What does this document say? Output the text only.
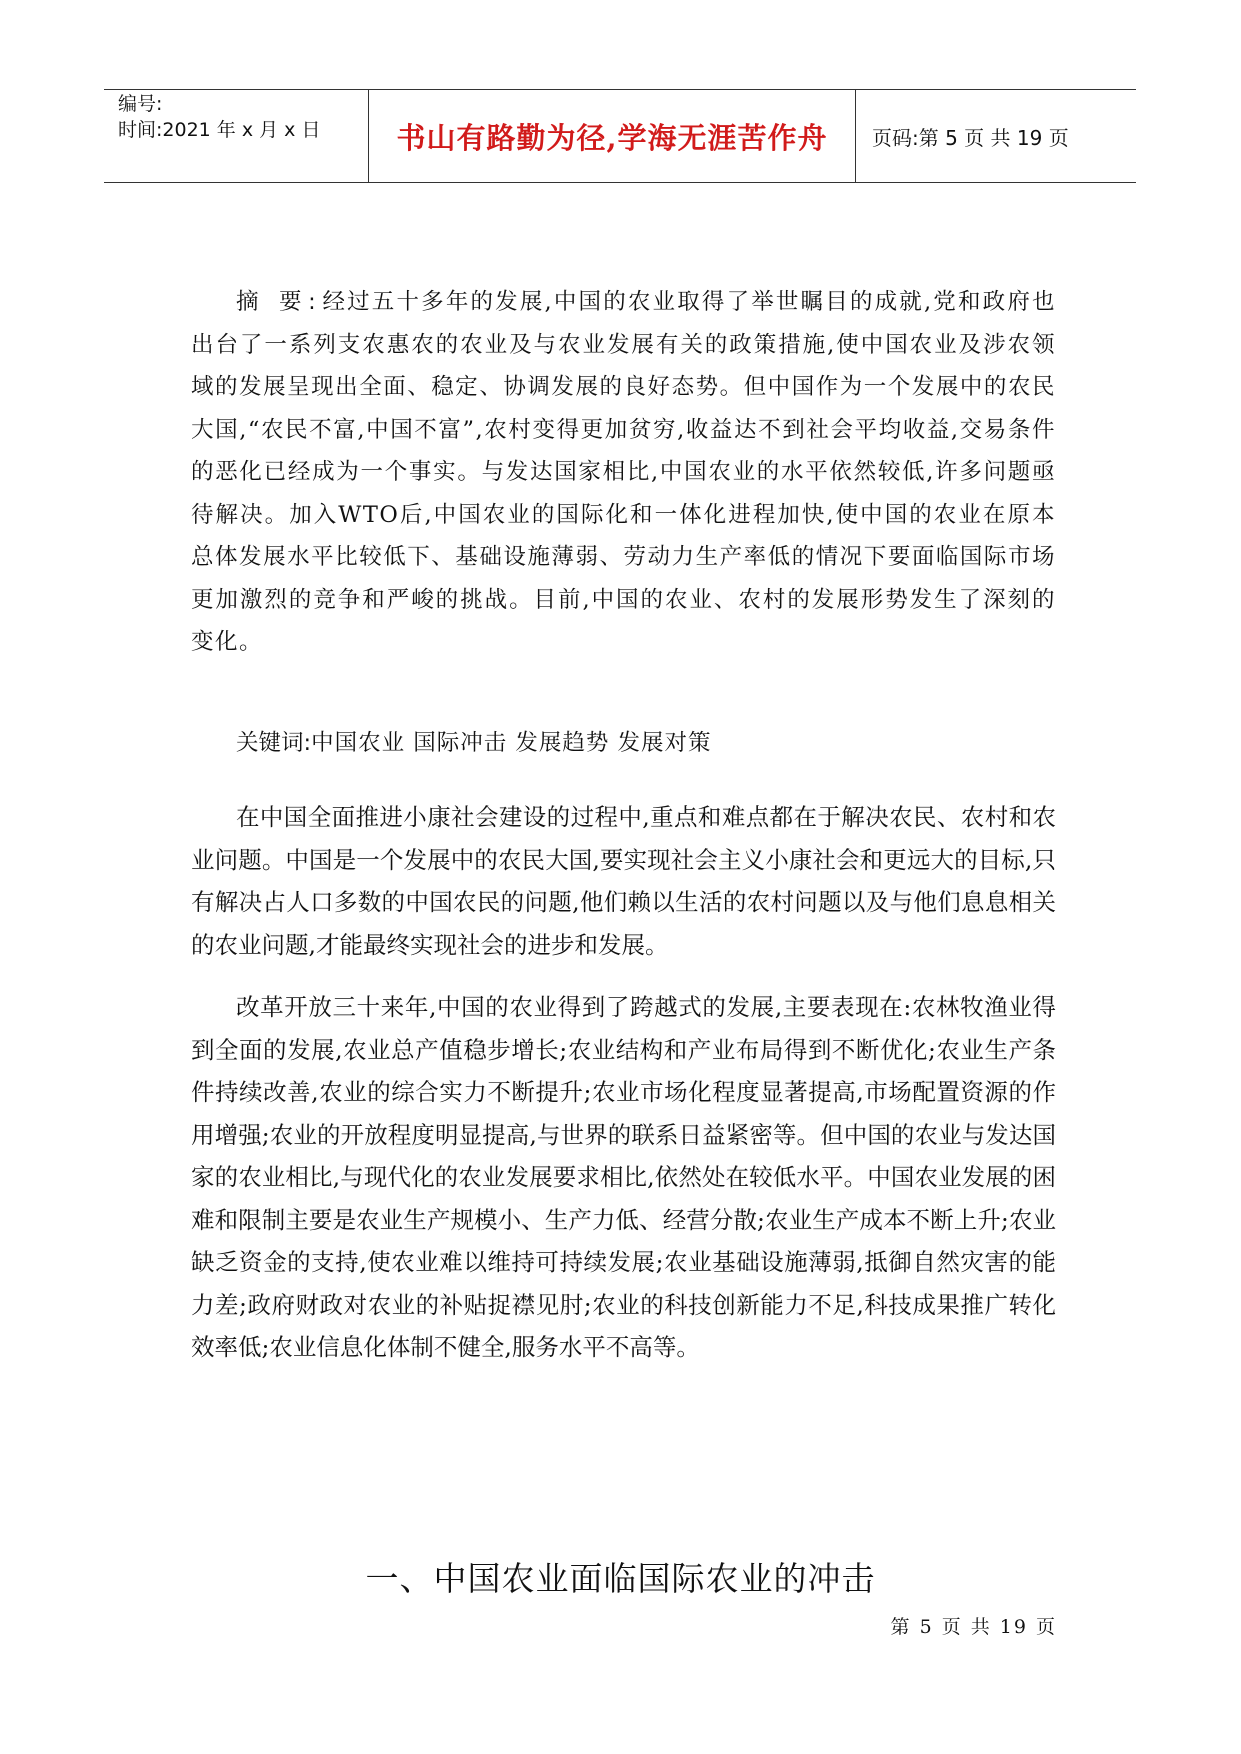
编号:
时间:2021 年 x 月 x 日	书山有路勤为径,学海无涯苦作舟 页码:第 5 页 共 19 页

摘 要:经过五十多年的发展,中国的农业取得了举世瞩目的成就,党和政府也出台了一系列支农惠农的农业及与农业发展有关的政策措施,使中国农业及涉农领域的发展呈现出全面、稳定、协调发展的良好态势。但中国作为一个发展中的农民大国,“农民不富,中国不富”,农村变得更加贫穷,收益达不到社会平均收益,交易条件的恶化已经成为一个事实。与发达国家相比,中国农业的水平依然较低,许多问题亟待解决。加入WTO后,中国农业的国际化和一体化进程加快,使中国的农业在原本总体发展水平比较低下、基础设施薄弱、劳动力生产率低的情况下要面临国际市场更加激烈的竞争和严峻的挑战。目前,中国的农业、农村的发展形势发生了深刻的变化。

关键词:中国农业 国际冲击 发展趋势 发展对策

在中国全面推进小康社会建设的过程中,重点和难点都在于解决农民、农村和农业问题。中国是一个发展中的农民大国,要实现社会主义小康社会和更远大的目标,只有解决占人口多数的中国农民的问题,他们赖以生活的农村问题以及与他们息息相关的农业问题,才能最终实现社会的进步和发展。

改革开放三十来年,中国的农业得到了跨越式的发展,主要表现在:农林牧渔业得到全面的发展,农业总产值稳步增长;农业结构和产业布局得到不断优化;农业生产条件持续改善,农业的综合实力不断提升;农业市场化程度显著提高,市场配置资源的作用增强;农业的开放程度明显提高,与世界的联系日益紧密等。但中国的农业与发达国家的农业相比,与现代化的农业发展要求相比,依然处在较低水平。中国农业发展的困难和限制主要是农业生产规模小、生产力低、经营分散;农业生产成本不断上升;农业缺乏资金的支持,使农业难以维持可持续发展;农业基础设施薄弱,抵御自然灾害的能力差;政府财政对农业的补贴捉襟见肘;农业的科技创新能力不足,科技成果推广转化效率低;农业信息化体制不健全,服务水平不高等。

一、中国农业面临国际农业的冲击
第 5 页 共 19 页
